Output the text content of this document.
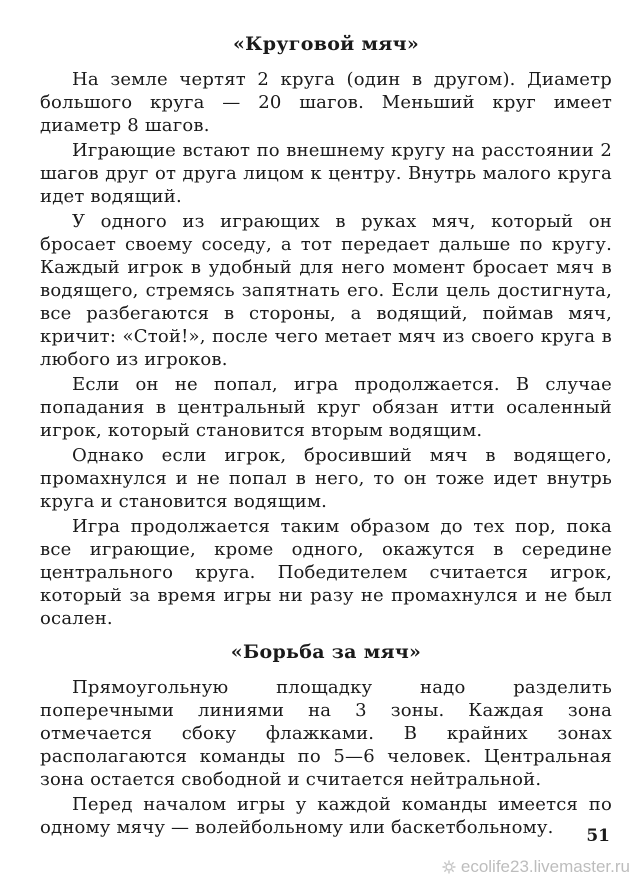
«Круговой мяч»

На земле чертят 2 круга (один в другом). Диаметр большого круга — 20 шагов. Меньший круг имеет диаметр 8 шагов.

Играющие встают по внешнему кругу на расстоянии 2 шагов друг от друга лицом к центру. Внутрь малого круга идет водящий.

У одного из играющих в руках мяч, который он бросает своему соседу, а тот передает дальше по кругу. Каждый игрок в удобный для него момент бросает мяч в водящего, стремясь запятнать его. Если цель достигнута, все разбегаются в стороны, а водящий, поймав мяч, кричит: «Стой!», после чего метает мяч из своего круга в любого из игроков.

Если он не попал, игра продолжается. В случае попадания в центральный круг обязан итти осаленный игрок, который становится вторым водящим.

Однако если игрок, бросивший мяч в водящего, промахнулся и не попал в него, то он тоже идет внутрь круга и становится водящим.

Игра продолжается таким образом до тех пор, пока все играющие, кроме одного, окажутся в середине центрального круга. Победителем считается игрок, который за время игры ни разу не промахнулся и не был осален.

«Борьба за мяч»

Прямоугольную площадку надо разделить поперечными линиями на 3 зоны. Каждая зона отмечается сбоку флажками. В крайних зонах располагаются команды по 5—6 человек. Центральная зона остается свободной и считается нейтральной.

Перед началом игры у каждой команды имеется по одному мячу — волейбольному или баскетбольному.	51
ecolife23.livemaster.ru
